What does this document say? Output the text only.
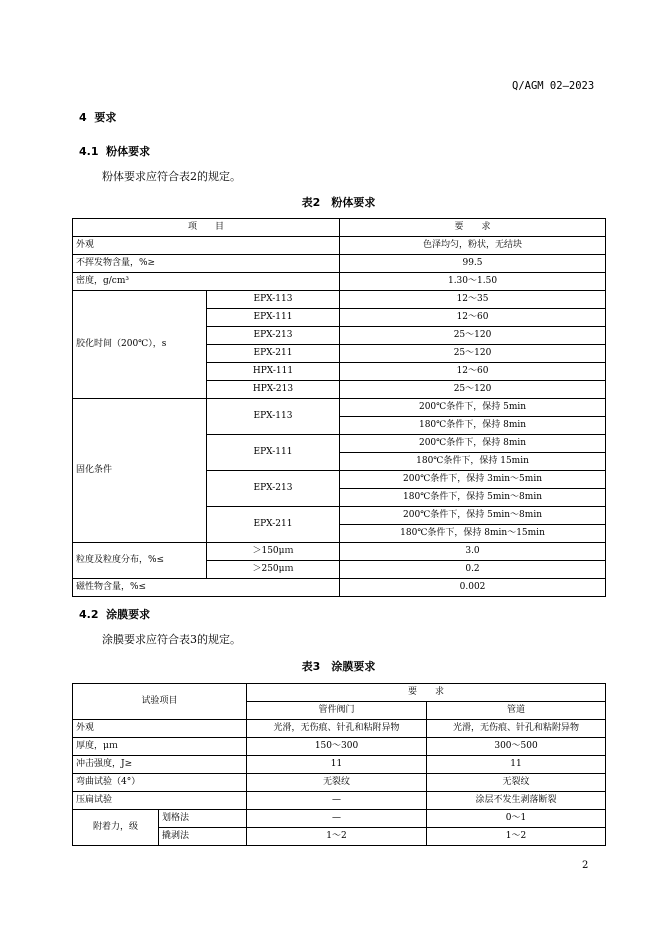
Q/AGM 02—2023
4 要求
4.1 粉体要求
粉体要求应符合表2的规定。
表2　粉体要求
项　　目		要　　求
外观		色泽均匀，粉状，无结块
不挥发物含量，%≥		99.5
密度，g/cm³		1.30～1.50
胶化时间（200℃），s	EPX-113	12～35
	EPX-111	12～60
	EPX-213	25～120
	EPX-211	25～120
	HPX-111	12～60
	HPX-213	25～120
固化条件	EPX-113	200℃条件下，保持 5min
		180℃条件下，保持 8min
	EPX-111	200℃条件下，保持 8min
		180℃条件下，保持 15min
	EPX-213	200℃条件下，保持 3min～5min
		180℃条件下，保持 5min～8min
	EPX-211	200℃条件下，保持 5min～8min
		180℃条件下，保持 8min～15min
粒度及粒度分布，%≤	＞150μｍ	3.0
	＞250μｍ	0.2
磁性物含量，%≤		0.002
4.2 涂膜要求
涂膜要求应符合表3的规定。
表3　涂膜要求
试验项目		要　　求	
		管件阀门	管道
外观		光滑，无伤痕、针孔和粘附异物	光滑，无伤痕、针孔和粘附异物
厚度，μｍ		150～300	300～500
冲击强度，J≥		11	11
弯曲试验（4°）		无裂纹	无裂纹
压扁试验		—	涂层不发生剥落断裂
附着力，级	划格法	—	0～1
	撬剥法	1～2	1～2
2
